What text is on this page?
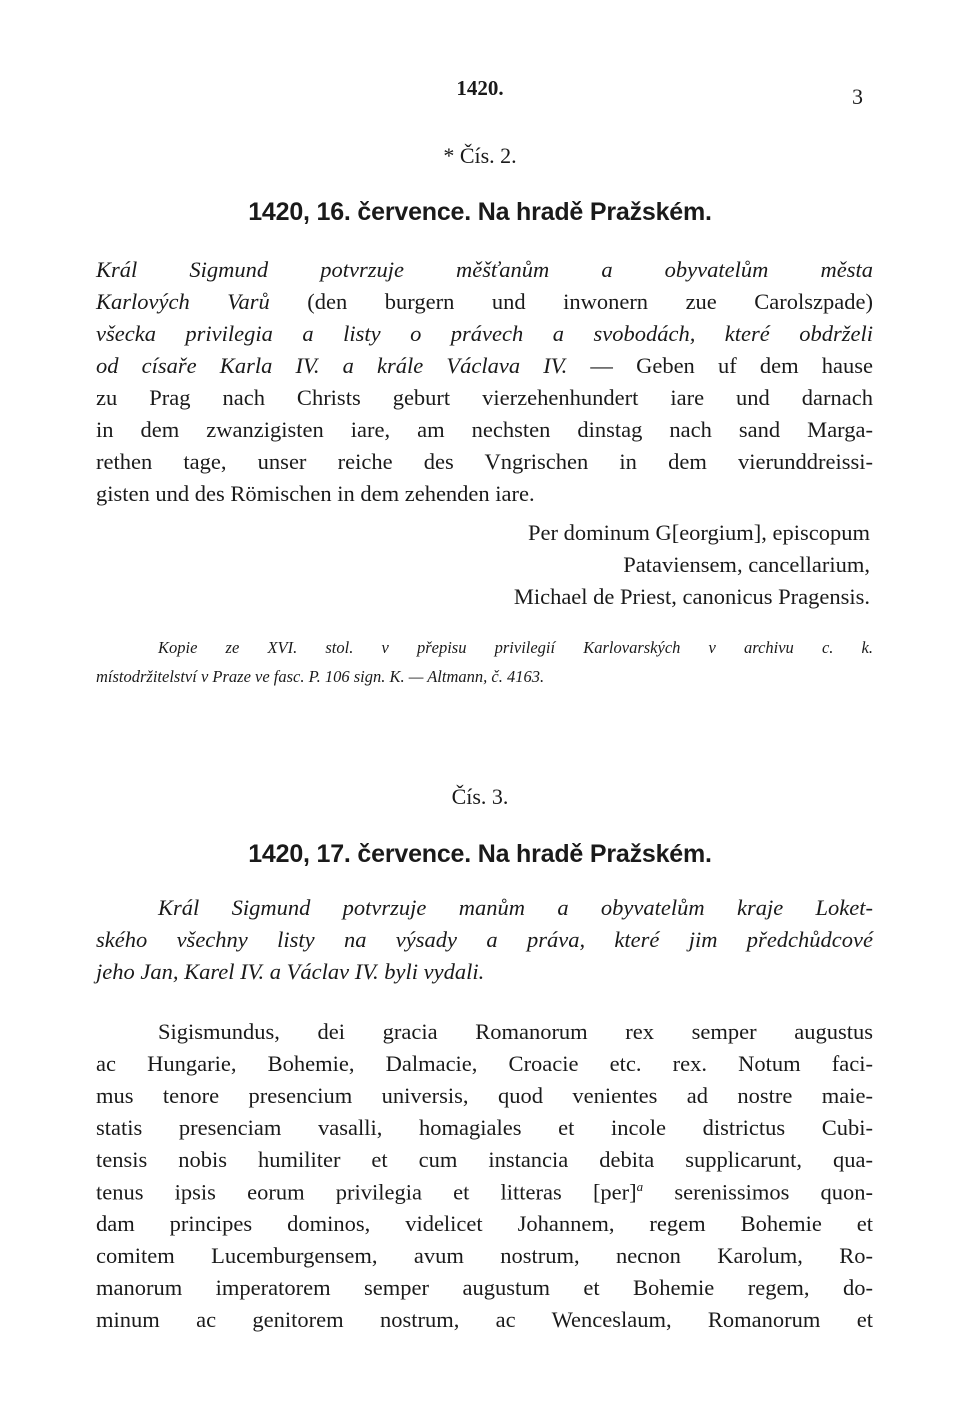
1420.	3
* Čís. 2.
1420, 16. července. Na hradě Pražském.
Král Sigmund potvrzuje měšťanům a obyvatelům města
Karlových Varů (den burgern und inwonern zue Carolszpade)
všecka privilegia a listy o právech a svobodách, které obdrželi
od císaře Karla IV. a krále Václava IV. — Geben uf dem hause
zu Prag nach Christs geburt vierzehenhundert iare und darnach
in dem zwanzigisten iare, am nechsten dinstag nach sand Marga-
rethen tage, unser reiche des Vngrischen in dem vierunddreissi-
gisten und des Römischen in dem zehenden iare.
Per dominum G[eorgium], episcopum
Pataviensem, cancellarium,
Michael de Priest, canonicus Pragensis.
Kopie ze XVI. stol. v přepisu privilegií Karlovarských v archivu c. k.
místodržitelství v Praze ve fasc. P. 106 sign. K. — Altmann, č. 4163.
Čís. 3.
1420, 17. července. Na hradě Pražském.
Král Sigmund potvrzuje manům a obyvatelům kraje Loket-
ského všechny listy na výsady a práva, které jim předchůdcové
jeho Jan, Karel IV. a Václav IV. byli vydali.
Sigismundus, dei gracia Romanorum rex semper augustus
ac Hungarie, Bohemie, Dalmacie, Croacie etc. rex. Notum faci-
mus tenore presencium universis, quod venientes ad nostre maie-
statis presenciam vasalli, homagiales et incole districtus Cubi-
tensis nobis humiliter et cum instancia debita supplicarunt, qua-
tenus ipsis eorum privilegia et litteras [per]$^a$ serenissimos quon-
dam principes dominos, videlicet Johannem, regem Bohemie et
comitem Lucemburgensem, avum nostrum, necnon Karolum, Ro-
manorum imperatorem semper augustum et Bohemie regem, do-
minum ac genitorem nostrum, ac Wenceslaum, Romanorum et
